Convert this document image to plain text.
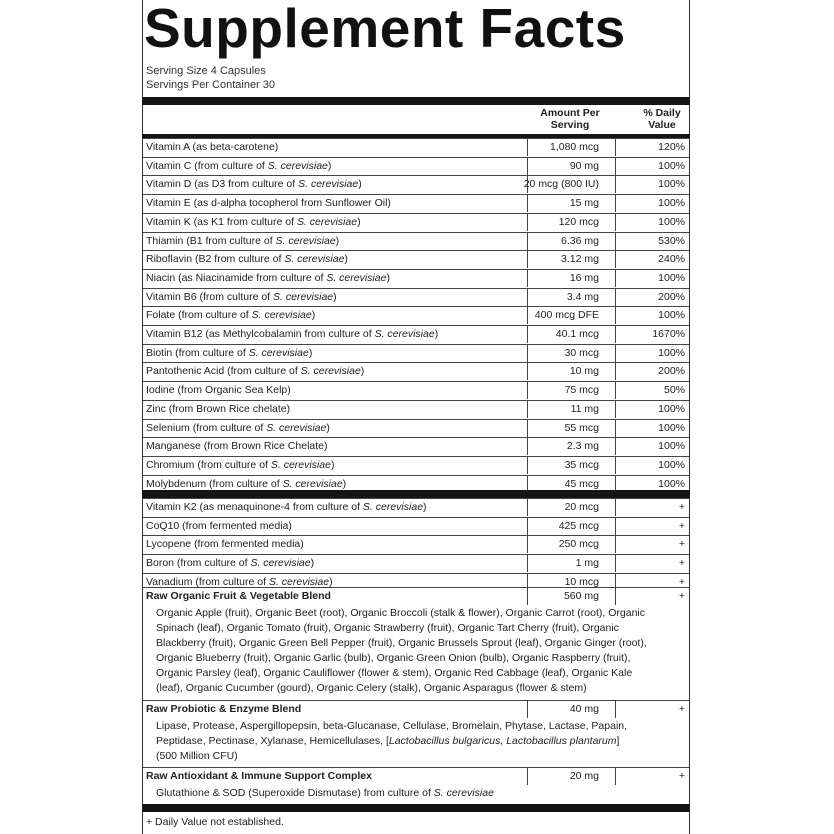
Supplement Facts
Serving Size 4 Capsules
Servings Per Container 30
Amount Per
Serving
% Daily
Value
Vitamin A (as beta-carotene)	1,080 mcg	120%
Vitamin C (from culture of S. cerevisiae)	90 mg	100%
Vitamin D (as D3 from culture of S. cerevisiae)	20 mcg (800 IU)	100%
Vitamin E (as d-alpha tocopherol from Sunflower Oil)	15 mg	100%
Vitamin K (as K1 from culture of S. cerevisiae)	120 mcg	100%
Thiamin (B1 from culture of S. cerevisiae)	6.36 mg	530%
Riboflavin (B2 from culture of S. cerevisiae)	3.12 mg	240%
Niacin (as Niacinamide from culture of S. cerevisiae)	16 mg	100%
Vitamin B6 (from culture of S. cerevisiae)	3.4 mg	200%
Folate (from culture of S. cerevisiae)	400 mcg DFE	100%
Vitamin B12 (as Methylcobalamin from culture of S. cerevisiae)	40.1 mcg	1670%
Biotin (from culture of S. cerevisiae)	30 mcg	100%
Pantothenic Acid (from culture of S. cerevisiae)	10 mg	200%
Iodine (from Organic Sea Kelp)	75 mcg	50%
Zinc (from Brown Rice chelate)	11 mg	100%
Selenium (from culture of S. cerevisiae)	55 mcg	100%
Manganese (from Brown Rice Chelate)	2.3 mg	100%
Chromium (from culture of S. cerevisiae)	35 mcg	100%
Molybdenum (from culture of S. cerevisiae)	45 mcg	100%
Vitamin K2 (as menaquinone-4 from culture of S. cerevisiae)	20 mcg	+
CoQ10 (from fermented media)	425 mcg	+
Lycopene (from fermented media)	250 mcg	+
Boron (from culture of S. cerevisiae)	1 mg	+
Vanadium (from culture of S. cerevisiae)	10 mcg	+
Raw Organic Fruit & Vegetable Blend	560 mg	+
Organic Apple (fruit), Organic Beet (root), Organic Broccoli (stalk & flower), Organic Carrot (root), Organic
Spinach (leaf), Organic Tomato (fruit), Organic Strawberry (fruit), Organic Tart Cherry (fruit), Organic
Blackberry (fruit), Organic Green Bell Pepper (fruit), Organic Brussels Sprout (leaf), Organic Ginger (root),
Organic Blueberry (fruit), Organic Garlic (bulb), Organic Green Onion (bulb), Organic Raspberry (fruit),
Organic Parsley (leaf), Organic Cauliflower (flower & stem), Organic Red Cabbage (leaf), Organic Kale
(leaf), Organic Cucumber (gourd), Organic Celery (stalk), Organic Asparagus (flower & stem)
Raw Probiotic & Enzyme Blend	40 mg	+
Lipase, Protease, Aspergillopepsin, beta-Glucanase, Cellulase, Bromelain, Phytase, Lactase, Papain,
Peptidase, Pectinase, Xylanase, Hemicellulases, [Lactobacillus bulgaricus, Lactobacillus plantarum]
(500 Million CFU)
Raw Antioxidant & Immune Support Complex	20 mg	+
Glutathione & SOD (Superoxide Dismutase) from culture of S. cerevisiae
+ Daily Value not established.
